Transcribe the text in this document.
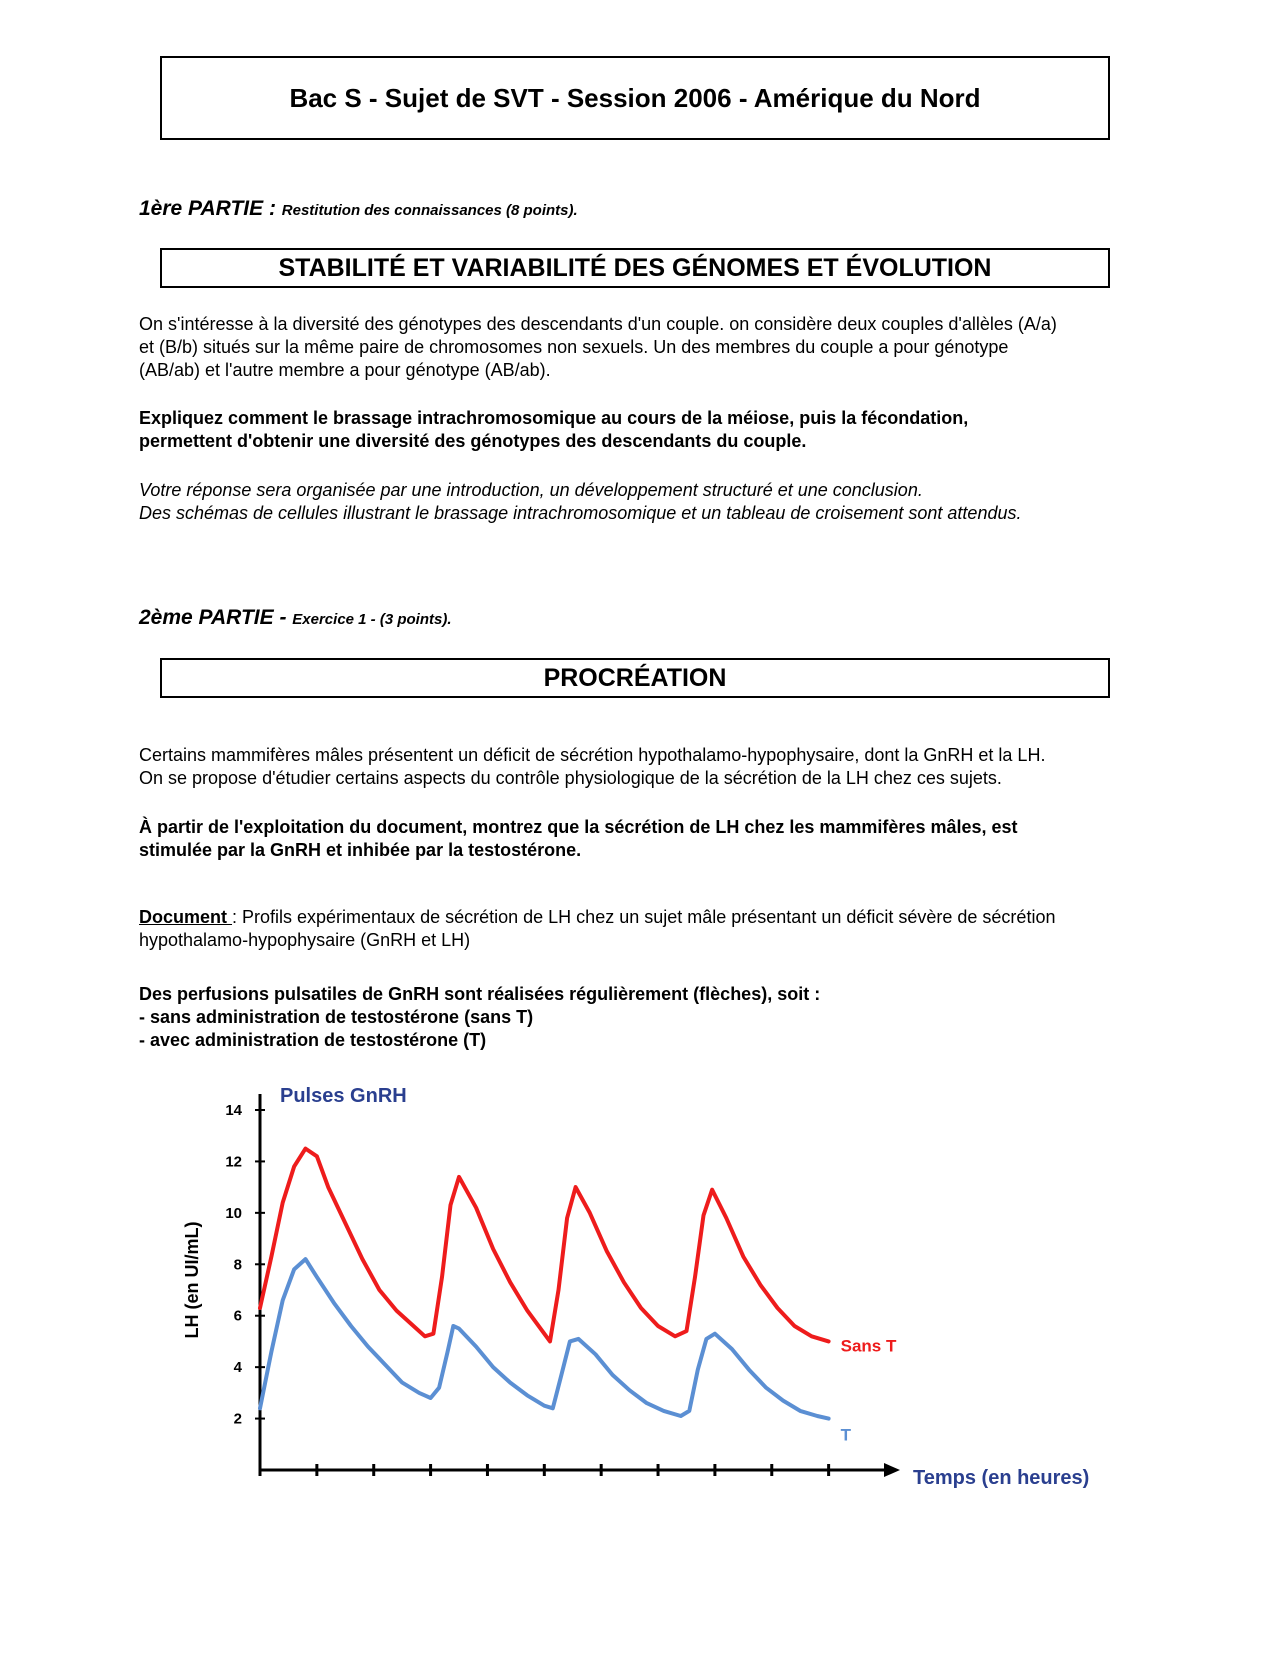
Bac S - Sujet de SVT - Session 2006 - Amérique du Nord
1ère PARTIE : Restitution des connaissances (8 points).
STABILITÉ ET VARIABILITÉ DES GÉNOMES ET ÉVOLUTION

On s'intéresse à la diversité des génotypes des descendants d'un couple. on considère deux couples d'allèles (A/a)

et (B/b) situés sur la même paire de chromosomes non sexuels. Un des membres du couple a pour génotype

(AB/ab) et l'autre membre a pour génotype (AB/ab).

Expliquez comment le brassage intrachromosomique au cours de la méiose, puis la fécondation,

permettent d'obtenir une diversité des génotypes des descendants du couple.

Votre réponse sera organisée par une introduction, un développement structuré et une conclusion.

Des schémas de cellules illustrant le brassage intrachromosomique et un tableau de croisement sont attendus.

2ème PARTIE - Exercice 1 - (3 points).
PROCRÉATION

Certains mammifères mâles présentent un déficit de sécrétion hypothalamo-hypophysaire, dont la GnRH et la LH.

On se propose d'étudier certains aspects du contrôle physiologique de la sécrétion de la LH chez ces sujets.

À partir de l'exploitation du document, montrez que la sécrétion de LH chez les mammifères mâles, est

stimulée par la GnRH et inhibée par la testostérone.

Document : Profils expérimentaux de sécrétion de LH chez un sujet mâle présentant un déficit sévère de sécrétion

hypothalamo-hypophysaire (GnRH et LH)

Des perfusions pulsatiles de GnRH sont réalisées régulièrement (flèches), soit :

- sans administration de testostérone (sans T)

- avec administration de testostérone (T)

2
4
6
8
10
12
14
Sans T
T
Pulses GnRH
Temps (en heures)
LH (en UI/mL)
